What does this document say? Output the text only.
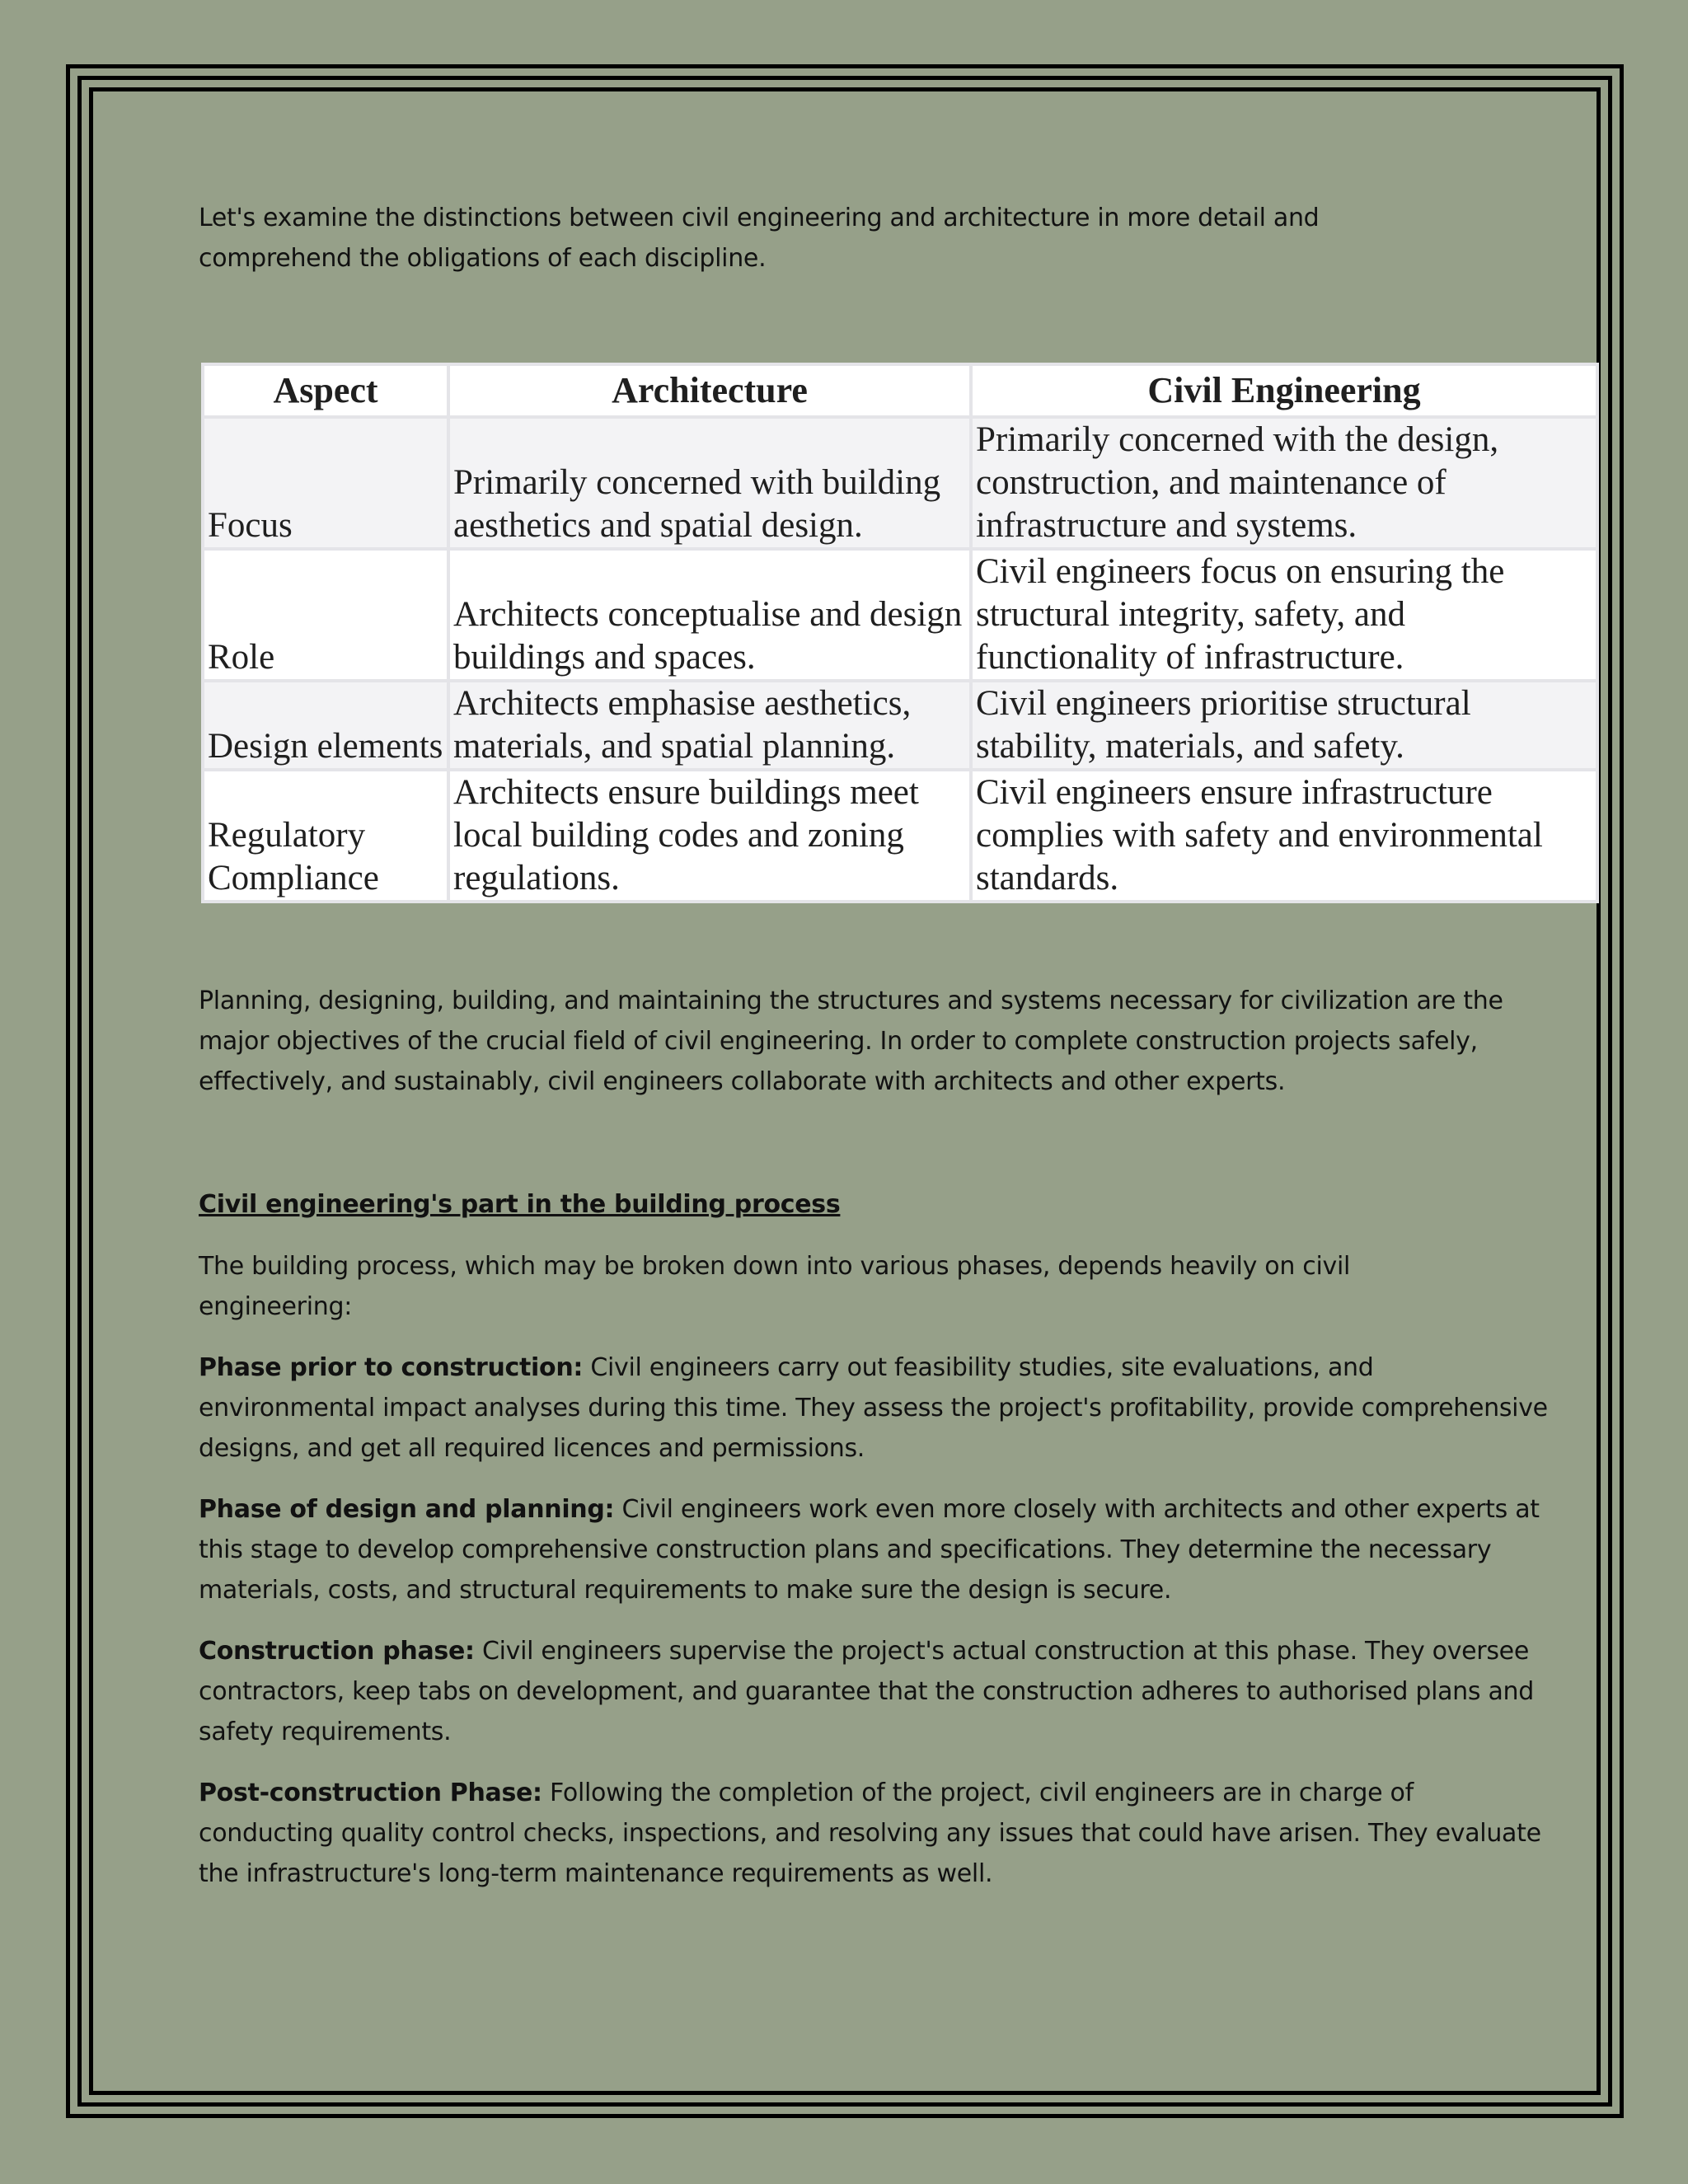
Let's examine the distinctions between civil engineering and architecture in more detail and comprehend the obligations of each discipline.

Aspect	Architecture	Civil Engineering
Focus	Primarily concerned with building aesthetics and spatial design.	Primarily concerned with the design, construction, and maintenance of infrastructure and systems.
Role	Architects conceptualise and design buildings and spaces.	Civil engineers focus on ensuring the structural integrity, safety, and functionality of infrastructure.
Design elements	Architects emphasise aesthetics, materials, and spatial planning.	Civil engineers prioritise structural stability, materials, and safety.
Regulatory Compliance	Architects ensure buildings meet local building codes and zoning regulations.	Civil engineers ensure infrastructure complies with safety and environmental standards.

Planning, designing, building, and maintaining the structures and systems necessary for civilization are the major objectives of the crucial field of civil engineering. In order to complete construction projects safely, effectively, and sustainably, civil engineers collaborate with architects and other experts.

Civil engineering's part in the building process

The building process, which may be broken down into various phases, depends heavily on civil engineering:

Phase prior to construction: Civil engineers carry out feasibility studies, site evaluations, and environmental impact analyses during this time. They assess the project's profitability, provide comprehensive designs, and get all required licences and permissions.

Phase of design and planning: Civil engineers work even more closely with architects and other experts at this stage to develop comprehensive construction plans and specifications. They determine the necessary materials, costs, and structural requirements to make sure the design is secure.

Construction phase: Civil engineers supervise the project's actual construction at this phase. They oversee contractors, keep tabs on development, and guarantee that the construction adheres to authorised plans and safety requirements.

Post-construction Phase: Following the completion of the project, civil engineers are in charge of conducting quality control checks, inspections, and resolving any issues that could have arisen. They evaluate the infrastructure's long-term maintenance requirements as well.
